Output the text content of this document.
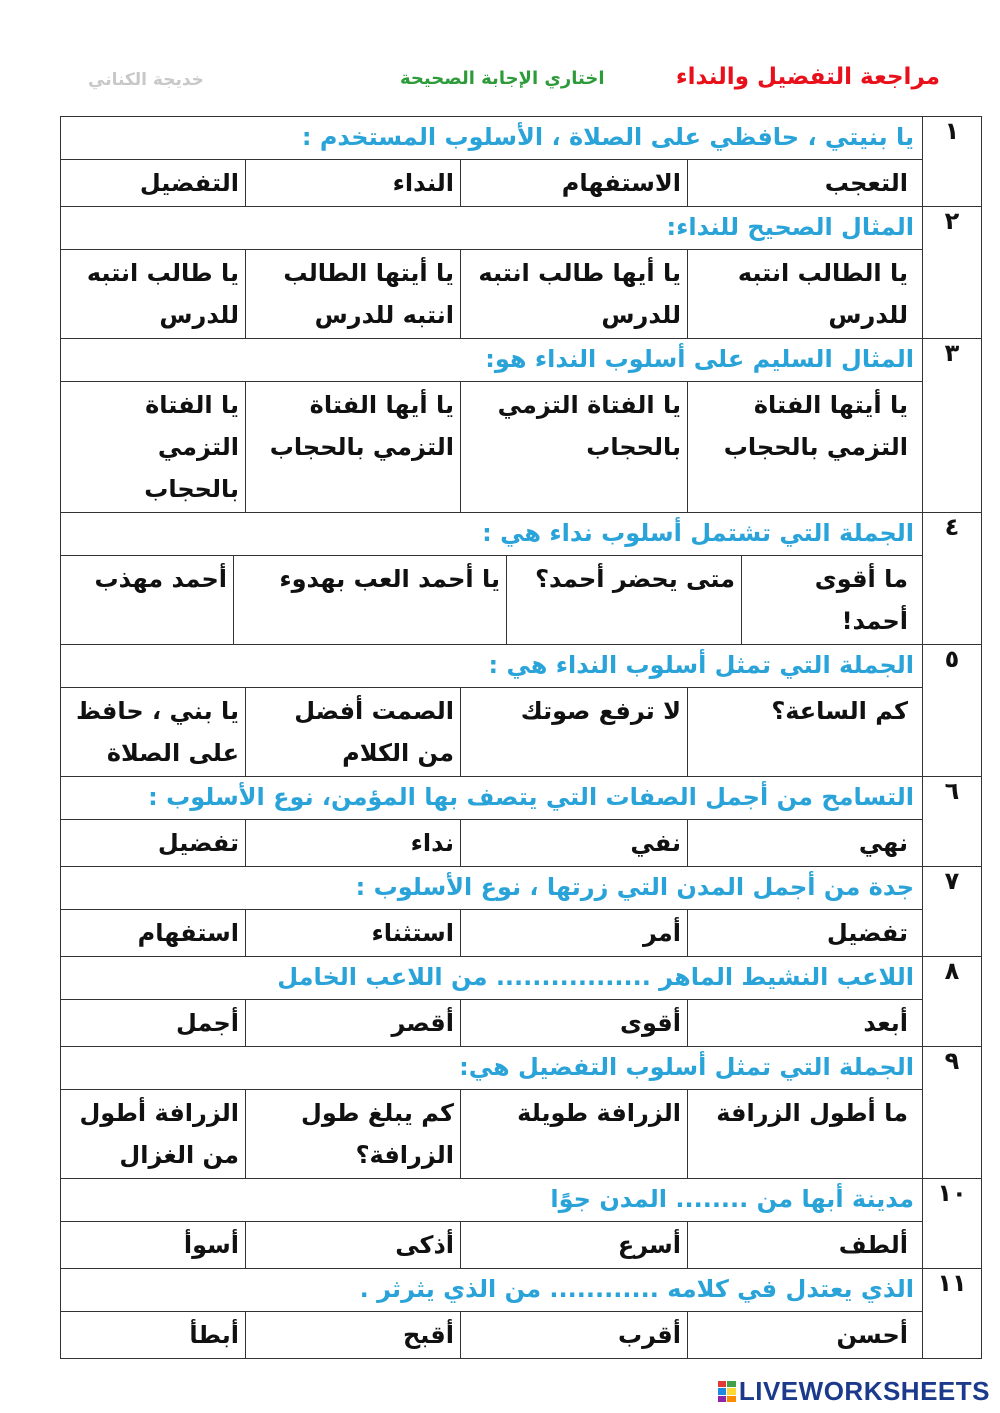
مراجعة التفضيل والنداء
اختاري الإجابة الصحيحة
خديجة الكناني
١	يا بنيتي ، حافظي على الصلاة ، الأسلوب المستخدم :

التعجب	الاستفهام	النداء	التفضيل

٢	المثال الصحيح للنداء:

يا الطالب انتبه للدرس	يا أيها طالب انتبه للدرس	يا أيتها الطالب انتبه للدرس	يا طالب انتبه للدرس

٣	المثال السليم على أسلوب النداء هو:

يا أيتها الفتاة التزمي بالحجاب	يا الفتاة التزمي بالحجاب	يا أيها الفتاة التزمي بالحجاب	يا الفتاة التزمي بالحجاب

٤	الجملة التي تشتمل أسلوب نداء هي :

ما أقوى أحمد!	متى يحضر أحمد؟	يا أحمد العب بهدوء	أحمد مهذب

٥	الجملة التي تمثل أسلوب النداء هي :

كم الساعة؟	لا ترفع صوتك	الصمت أفضل من الكلام	يا بني ، حافظ على الصلاة

٦	التسامح من أجمل الصفات التي يتصف بها المؤمن، نوع الأسلوب :

نهي	نفي	نداء	تفضيل

٧	جدة من أجمل المدن التي زرتها ، نوع الأسلوب :

تفضيل	أمر	استثناء	استفهام

٨	اللاعب النشيط الماهر ................. من اللاعب الخامل

أبعد	أقوى	أقصر	أجمل

٩	الجملة التي تمثل أسلوب التفضيل هي:

ما أطول الزرافة	الزرافة طويلة	كم يبلغ طول الزرافة؟	الزرافة أطول من الغزال

١٠	مدينة أبها من ........ المدن جوًا

ألطف	أسرع	أذكى	أسوأ

١١	الذي يعتدل في كلامه ............ من الذي يثرثر .

أحسن	أقرب	أقبح	أبطأ
LIVEWORKSHEETS
